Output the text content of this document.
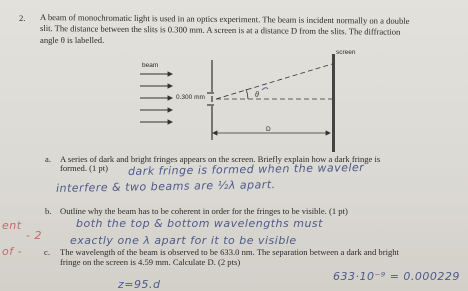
2. A beam of monochromatic light is used in an optics experiment. The beam is incident normally on a double
slit. The distance between the slits is 0.300 mm. A screen is at a distance D from the slits. The diffraction
angle θ is labelled.
beam
0.300 mm	θ
screen
D
a. A series of dark and bright fringes appears on the screen. Briefly explain how a dark fringe is
formed. (1 pt) dark fringe is formed when the waveler
interfere & two beams are ½λ apart.
b. Outline why the beam has to be coherent in order for the fringes to be visible. (1 pt)
both the top & bottom wavelengths must
exactly one λ apart for it to be visible
ent
- 2
of -	c. The wavelength of the beam is observed to be 633.0 nm. The separation between a dark and bright
fringe on the screen is 4.59 mm. Calculate D. (2 pts)
633·10⁻⁹ = 0.000229
z=95.d
